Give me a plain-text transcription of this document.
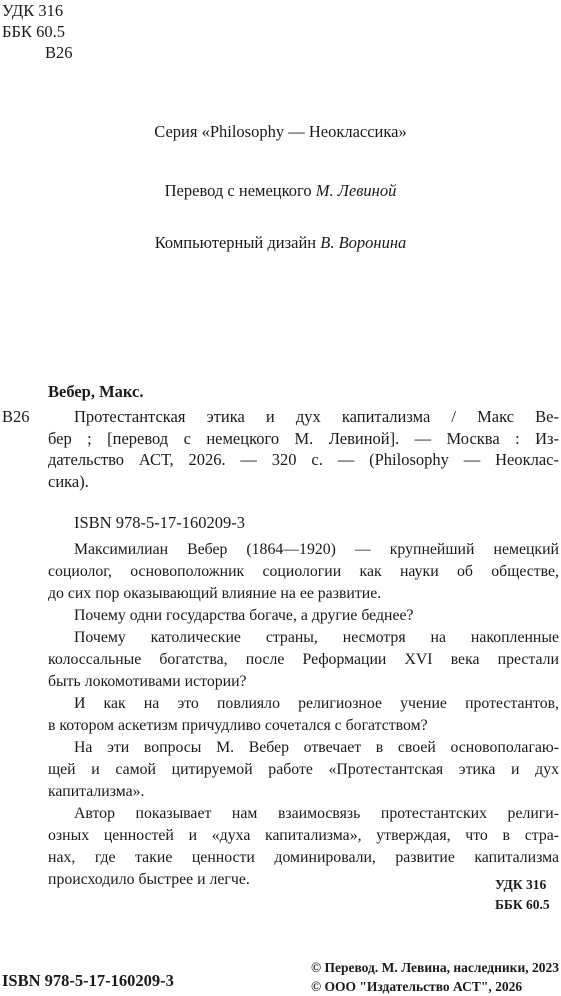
УДК 316
ББК 60.5
В26

Серия «Philosophy — Неоклассика»

Перевод с немецкого М. Левиной

Компьютерный дизайн В. Воронина

Вебер, Макс.

В26	Протестантская этика и дух капитализма / Макс Ве-
бер ; [перевод с немецкого М. Левиной]. — Москва : Из-
дательство АСТ, 2026. — 320 с. — (Philosophy — Неоклас-
сика).

ISBN 978-5-17-160209-3

Максимилиан Вебер (1864—1920) — крупнейший немецкий
социолог, основоположник социологии как науки об обществе,
до сих пор оказывающий влияние на ее развитие.
Почему одни государства богаче, а другие беднее?
Почему католические страны, несмотря на накопленные
колоссальные богатства, после Реформации XVI века престали
быть локомотивами истории?
И как на это повлияло религиозное учение протестантов,
в котором аскетизм причудливо сочетался с богатством?
На эти вопросы М. Вебер отвечает в своей основополагаю-
щей и самой цитируемой работе «Протестантская этика и дух
капитализма».
Автор показывает нам взаимосвязь протестантских религи-
озных ценностей и «духа капитализма», утверждая, что в стра-
нах, где такие ценности доминировали, развитие капитализма
происходило быстрее и легче.	УДК 316
ББК 60.5

ISBN 978-5-17-160209-3

© Перевод. М. Левина, наследники, 2023
© ООО "Издательство АСТ", 2026
